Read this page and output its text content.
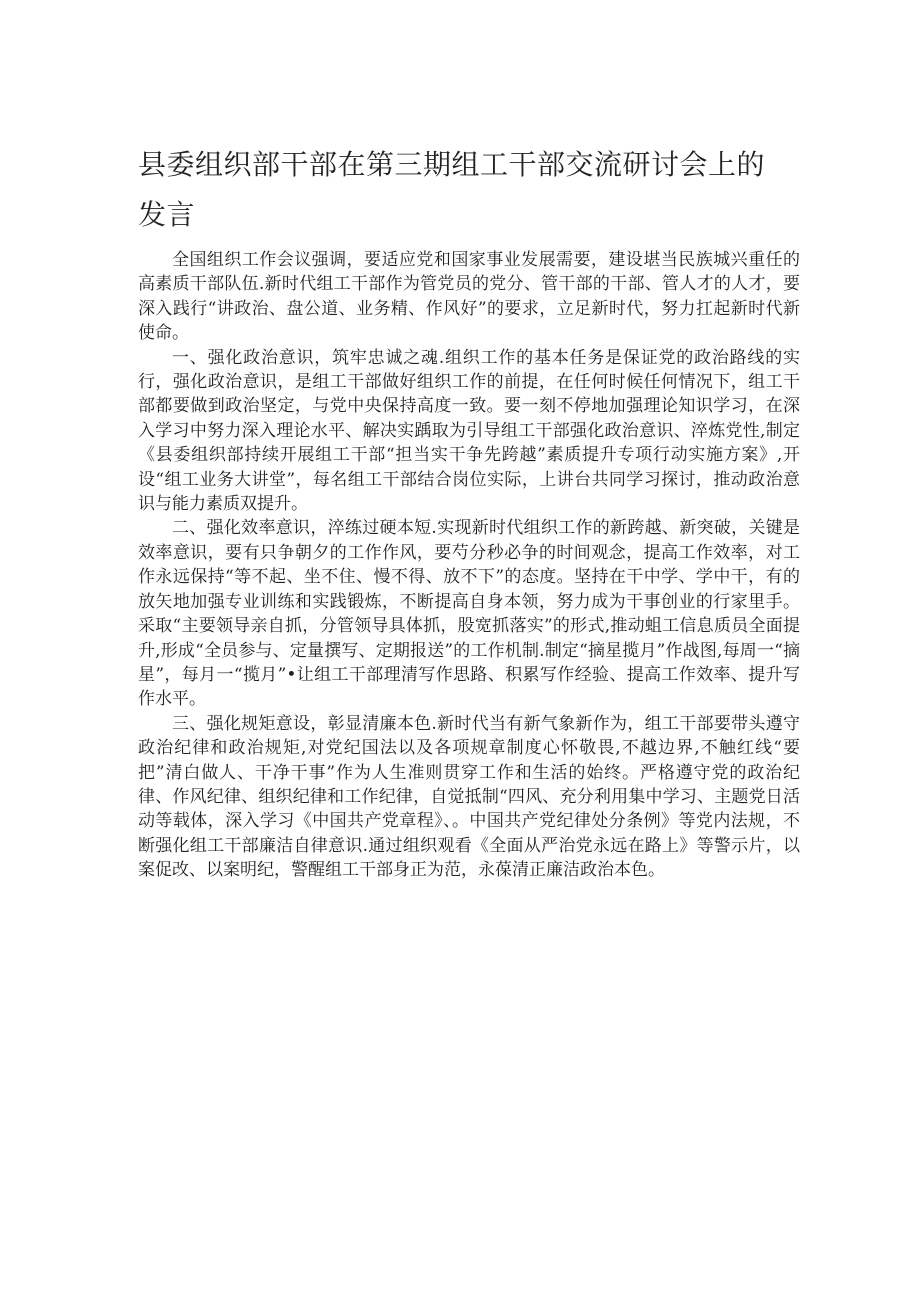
县委组织部干部在第三期组工干部交流研讨会上的发言

全国组织工作会议强调，要适应党和国家事业发展需要，建设堪当民族城兴重任的高素质干部队伍.新时代组工干部作为管党员的党分、管干部的干部、管人才的人才，要深入践行“讲政治、盘公道、业务精、作风好”的要求，立足新时代，努力扛起新时代新使命。

一、强化政治意识，筑牢忠诚之魂.组织工作的基本任务是保证党的政治路线的实行，强化政治意识，是组工干部做好组织工作的前提，在任何时候任何情况下，组工干部都要做到政治坚定，与党中央保持高度一致。要一刻不停地加强理论知识学习，在深入学习中努力深入理论水平、解决实踽取为引导组工干部强化政治意识、淬炼党性,制定《县委组织部持续开展组工干部“担当实干争先跨越”素质提升专项行动实施方案》,开设“组工业务大讲堂”，每名组工干部结合岗位实际，上讲台共同学习探讨，推动政治意识与能力素质双提升。

二、强化效率意识，淬练过硬本短.实现新时代组织工作的新跨越、新突破，关键是效率意识，要有只争朝夕的工作作风，要芍分秒必争的时间观念，提高工作效率，对工作永远保持“等不起、坐不住、慢不得、放不下”的态度。坚持在干中学、学中干，有的放矢地加强专业训练和实践锻炼，不断提高自身本领，努力成为干事创业的行家里手。采取“主要领导亲自抓，分管领导具体抓，股宽抓落实”的形式,推动蛆工信息质员全面提升,形成“全员参与、定量撰写、定期报送”的工作机制.制定“摘星揽月”作战图,每周一“摘星”，每月一“揽月”•让组工干部理清写作思路、积累写作经验、提高工作效率、提升写作水平。

三、强化规矩意设，彰显清廉本色.新时代当有新气象新作为，组工干部要带头遵守政治纪律和政治规矩,对党纪国法以及各项规章制度心怀敬畏,不越边界,不触红线“要把”清白做人、干净干事”作为人生准则贯穿工作和生活的始终。严格遵守党的政治纪律、作风纪律、组织纪律和工作纪律，自觉抵制“四风、充分利用集中学习、主题党日活动等载体，深入学习《中国共产党章程》、。中国共产党纪律处分条例》等党内法规，不断强化组工干部廉洁自律意识.通过组织观看《全面从严治党永远在路上》等警示片，以案促改、以案明纪，警醒组工干部身正为范，永葆清正廉洁政治本色。
